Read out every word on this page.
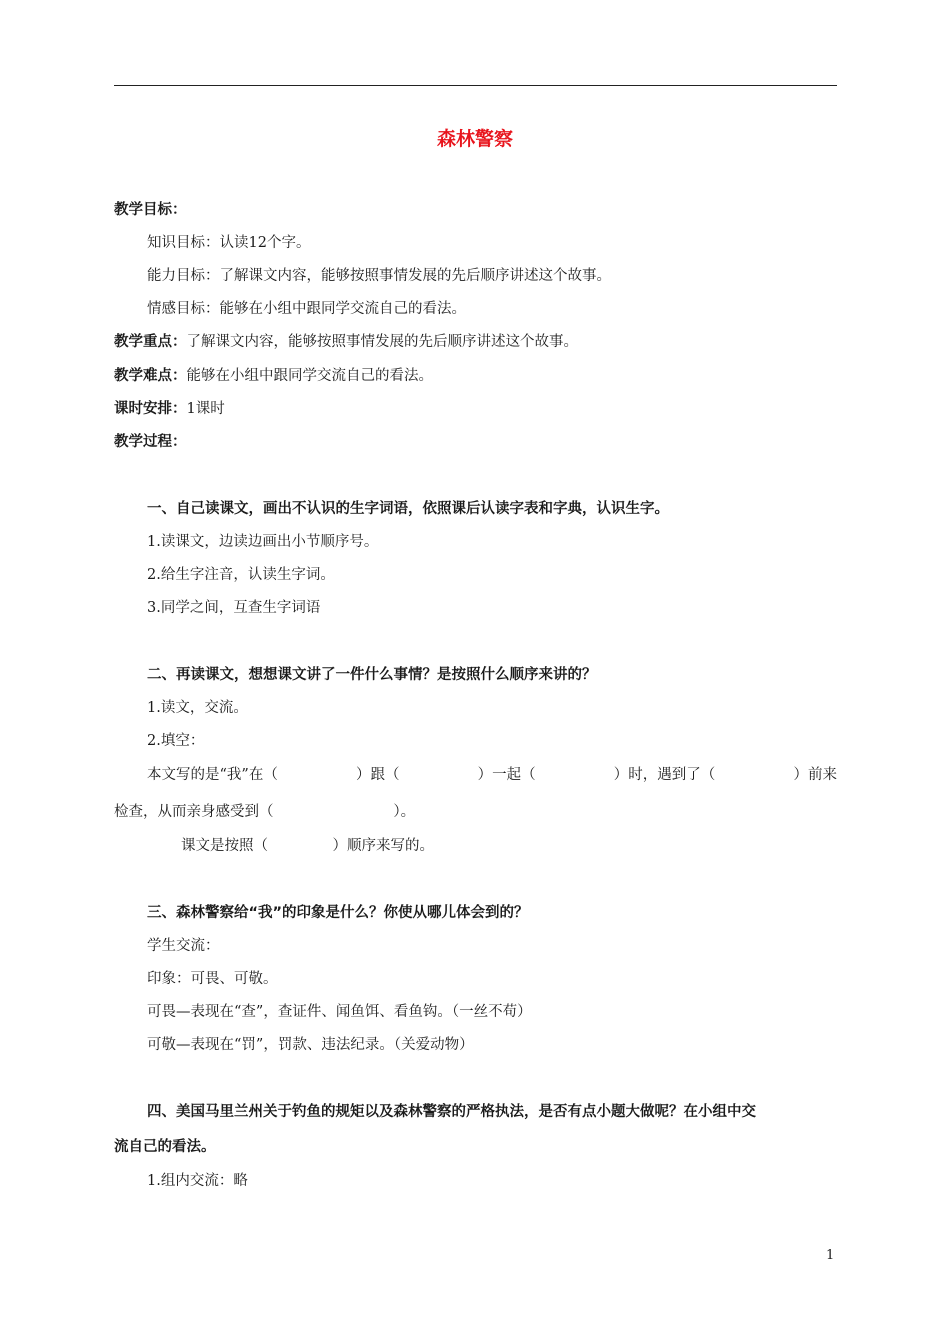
森林警察
教学目标：
知识目标：认读12个字。
能力目标：了解课文内容，能够按照事情发展的先后顺序讲述这个故事。
情感目标：能够在小组中跟同学交流自己的看法。
教学重点：了解课文内容，能够按照事情发展的先后顺序讲述这个故事。
教学难点：能够在小组中跟同学交流自己的看法。
课时安排：1课时
教学过程：
一、自己读课文，画出不认识的生字词语，依照课后认读字表和字典，认识生字。
1.读课文，边读边画出小节顺序号。
2.给生字注音，认读生字词。
3.同学之间，互查生字词语
二、再读课文，想想课文讲了一件什么事情？是按照什么顺序来讲的？
1.读文，交流。
2.填空：
本文写的是“我”在（	）跟（	）一起（	）时，遇到了（	）前来
检查，从而亲身感受到（                          ）。
课文是按照（              ）顺序来写的。
三、森林警察给“我”的印象是什么？你使从哪儿体会到的？
学生交流：
印象：可畏、可敬。
可畏—表现在“查”，查证件、闻鱼饵、看鱼钩。（一丝不苟）
可敬—表现在“罚”，罚款、违法纪录。（关爱动物）
四、美国马里兰州关于钓鱼的规矩以及森林警察的严格执法，是否有点小题大做呢？在小组中交
流自己的看法。
1.组内交流：略
1
